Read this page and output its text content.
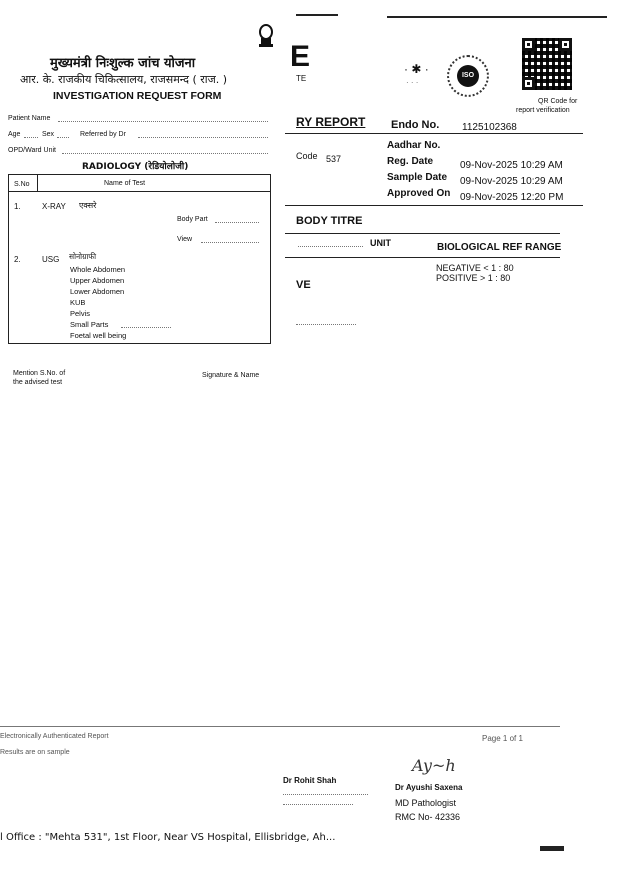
E
TE
· ✱ ·
· · ·
ISO
QR Code for
report verification
RY REPORT Endo No. 1125102368
Aadhar No.
Code 537	Reg. Date	09-Nov-2025 10:29 AM
Sample Date 09-Nov-2025 10:29 AM
Approved On 09-Nov-2025 12:20 PM
BODY TITRE
UNIT	BIOLOGICAL REF RANGE
NEGATIVE < 1 : 80
POSITIVE > 1 : 80
VE
Electronically Authenticated Report
Results are on sample
Page 1 of 1
Ay~h
Dr Rohit Shah
Dr Ayushi Saxena
MD Pathologist
RMC No- 42336
l Office : "Mehta 531", 1st Floor, Near VS Hospital, Ellisbridge, Ah...
मुख्यमंत्री निःशुल्क जांच योजना
आर. के. राजकीय चिकित्सालय, राजसमन्द ( राज. )
INVESTIGATION REQUEST FORM
Patient Name
Age	Sex	Referred by Dr
OPD/Ward Unit
RADIOLOGY (रेडियोलोजी)
S.No	Name of Test
1.	X-RAY एक्सरे
Body Part
View
2.	USG सोनोग्राफी
Whole Abdomen
Upper Abdomen
Lower Abdomen
KUB
Pelvis
Small Parts
Foetal well being
Mention S.No. of
the advised test
Signature & Name
